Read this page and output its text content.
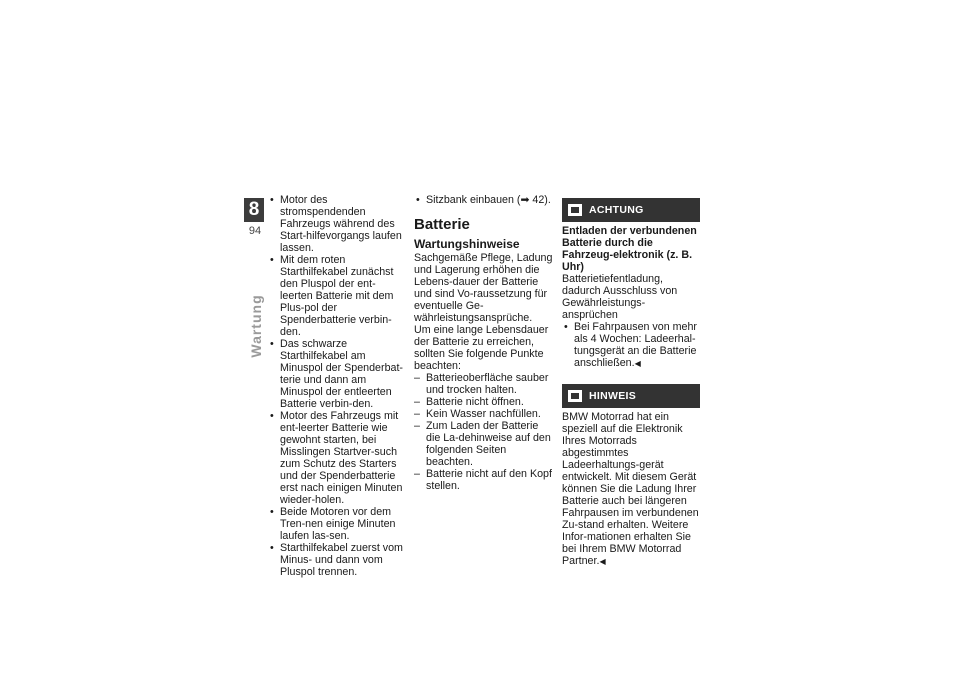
8
94
Wartung
• Motor des stromspendenden Fahrzeugs während des Start-hilfevorgangs laufen lassen.
• Mit dem roten Starthilfekabel zunächst den Pluspol der ent-leerten Batterie mit dem Plus-pol der Spenderbatterie verbin-den.
• Das schwarze Starthilfekabel am Minuspol der Spenderbat-terie und dann am Minuspol der entleerten Batterie verbin-den.
• Motor des Fahrzeugs mit ent-leerter Batterie wie gewohnt starten, bei Misslingen Startver-such zum Schutz des Starters und der Spenderbatterie erst nach einigen Minuten wieder-holen.
• Beide Motoren vor dem Tren-nen einige Minuten laufen las-sen.
• Starthilfekabel zuerst vom Minus- und dann vom Pluspol trennen.
• Sitzbank einbauen (➡ 42).
Batterie
Wartungshinweise

Sachgemäße Pflege, Ladung und Lagerung erhöhen die Lebens-dauer der Batterie und sind Vo-raussetzung für eventuelle Ge-währleistungsansprüche.

Um eine lange Lebensdauer der Batterie zu erreichen, sollten Sie folgende Punkte beachten:

– Batterieoberfläche sauber und trocken halten.
– Batterie nicht öffnen.
– Kein Wasser nachfüllen.
– Zum Laden der Batterie die La-dehinweise auf den folgenden Seiten beachten.
– Batterie nicht auf den Kopf stellen.
ACHTUNG

Entladen der verbundenen Batterie durch die Fahrzeug-elektronik (z. B. Uhr)

Batterietiefentladung, dadurch Ausschluss von Gewährleistungs-ansprüchen

• Bei Fahrpausen von mehr als 4 Wochen: Ladeerhal-tungsgerät an die Batterie anschließen.◀
HINWEIS

BMW Motorrad hat ein speziell auf die Elektronik Ihres Motorrads abgestimmtes Ladeerhaltungs-gerät entwickelt. Mit diesem Gerät können Sie die Ladung Ihrer Batterie auch bei längeren Fahrpausen im verbundenen Zu-stand erhalten. Weitere Infor-mationen erhalten Sie bei Ihrem BMW Motorrad Partner.◀
